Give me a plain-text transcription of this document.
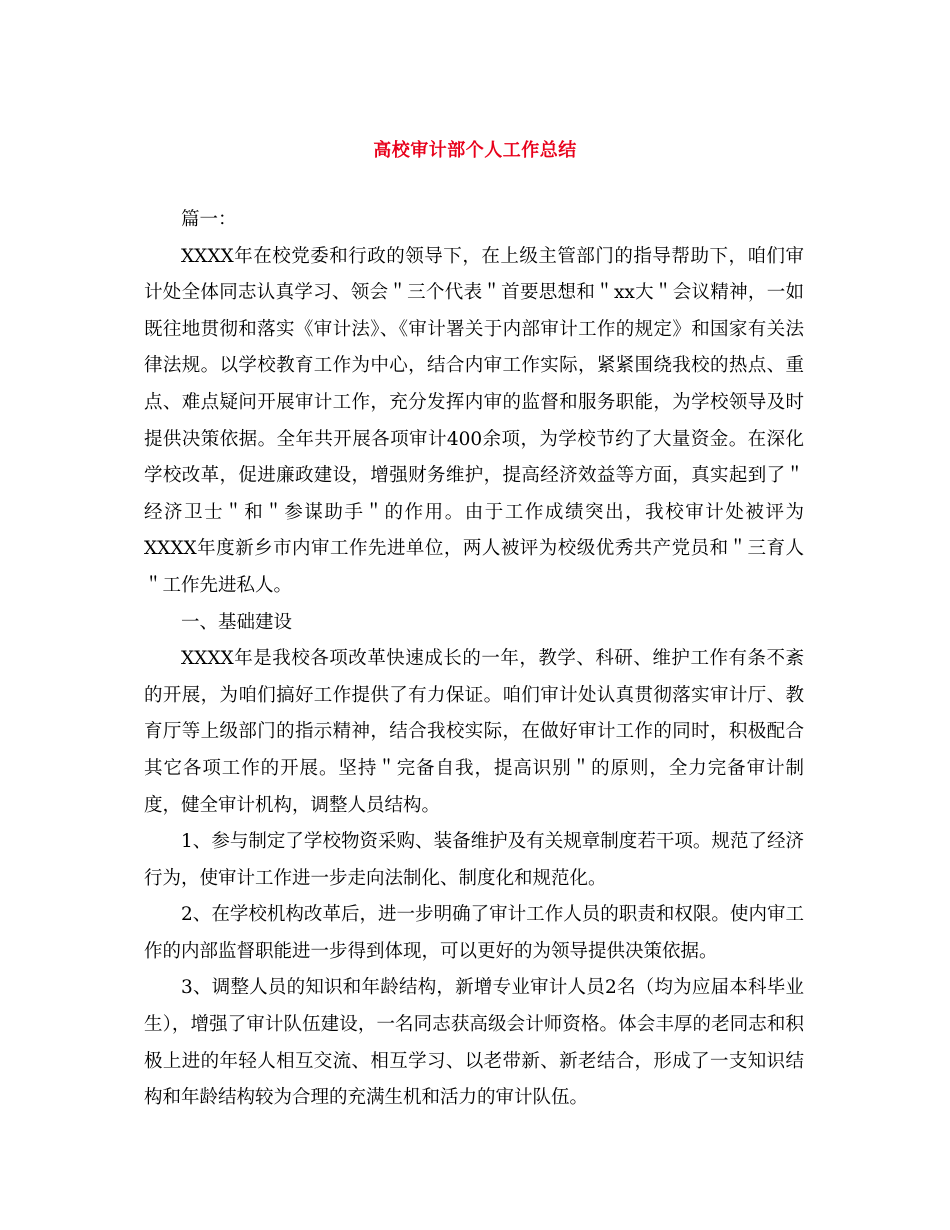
高校审计部个人工作总结

篇一：

XXXX年在校党委和行政的领导下，在上级主管部门的指导帮助下，咱们审计处全体同志认真学习、领会＂三个代表＂首要思想和＂xx大＂会议精神，一如既往地贯彻和落实《审计法》、《审计署关于内部审计工作的规定》和国家有关法律法规。以学校教育工作为中心，结合内审工作实际，紧紧围绕我校的热点、重点、难点疑问开展审计工作，充分发挥内审的监督和服务职能，为学校领导及时提供决策依据。全年共开展各项审计400余项，为学校节约了大量资金。在深化学校改革，促进廉政建设，增强财务维护，提高经济效益等方面，真实起到了＂经济卫士＂和＂参谋助手＂的作用。由于工作成绩突出，我校审计处被评为XXXX年度新乡市内审工作先进单位，两人被评为校级优秀共产党员和＂三育人＂工作先进私人。

一、基础建设

XXXX年是我校各项改革快速成长的一年，教学、科研、维护工作有条不紊的开展，为咱们搞好工作提供了有力保证。咱们审计处认真贯彻落实审计厅、教育厅等上级部门的指示精神，结合我校实际，在做好审计工作的同时，积极配合其它各项工作的开展。坚持＂完备自我，提高识别＂的原则，全力完备审计制度，健全审计机构，调整人员结构。

1、参与制定了学校物资采购、装备维护及有关规章制度若干项。规范了经济行为，使审计工作进一步走向法制化、制度化和规范化。

2、在学校机构改革后，进一步明确了审计工作人员的职责和权限。使内审工作的内部监督职能进一步得到体现，可以更好的为领导提供决策依据。

3、调整人员的知识和年龄结构，新增专业审计人员2名（均为应届本科毕业生），增强了审计队伍建设，一名同志获高级会计师资格。体会丰厚的老同志和积极上进的年轻人相互交流、相互学习、以老带新、新老结合，形成了一支知识结构和年龄结构较为合理的充满生机和活力的审计队伍。
